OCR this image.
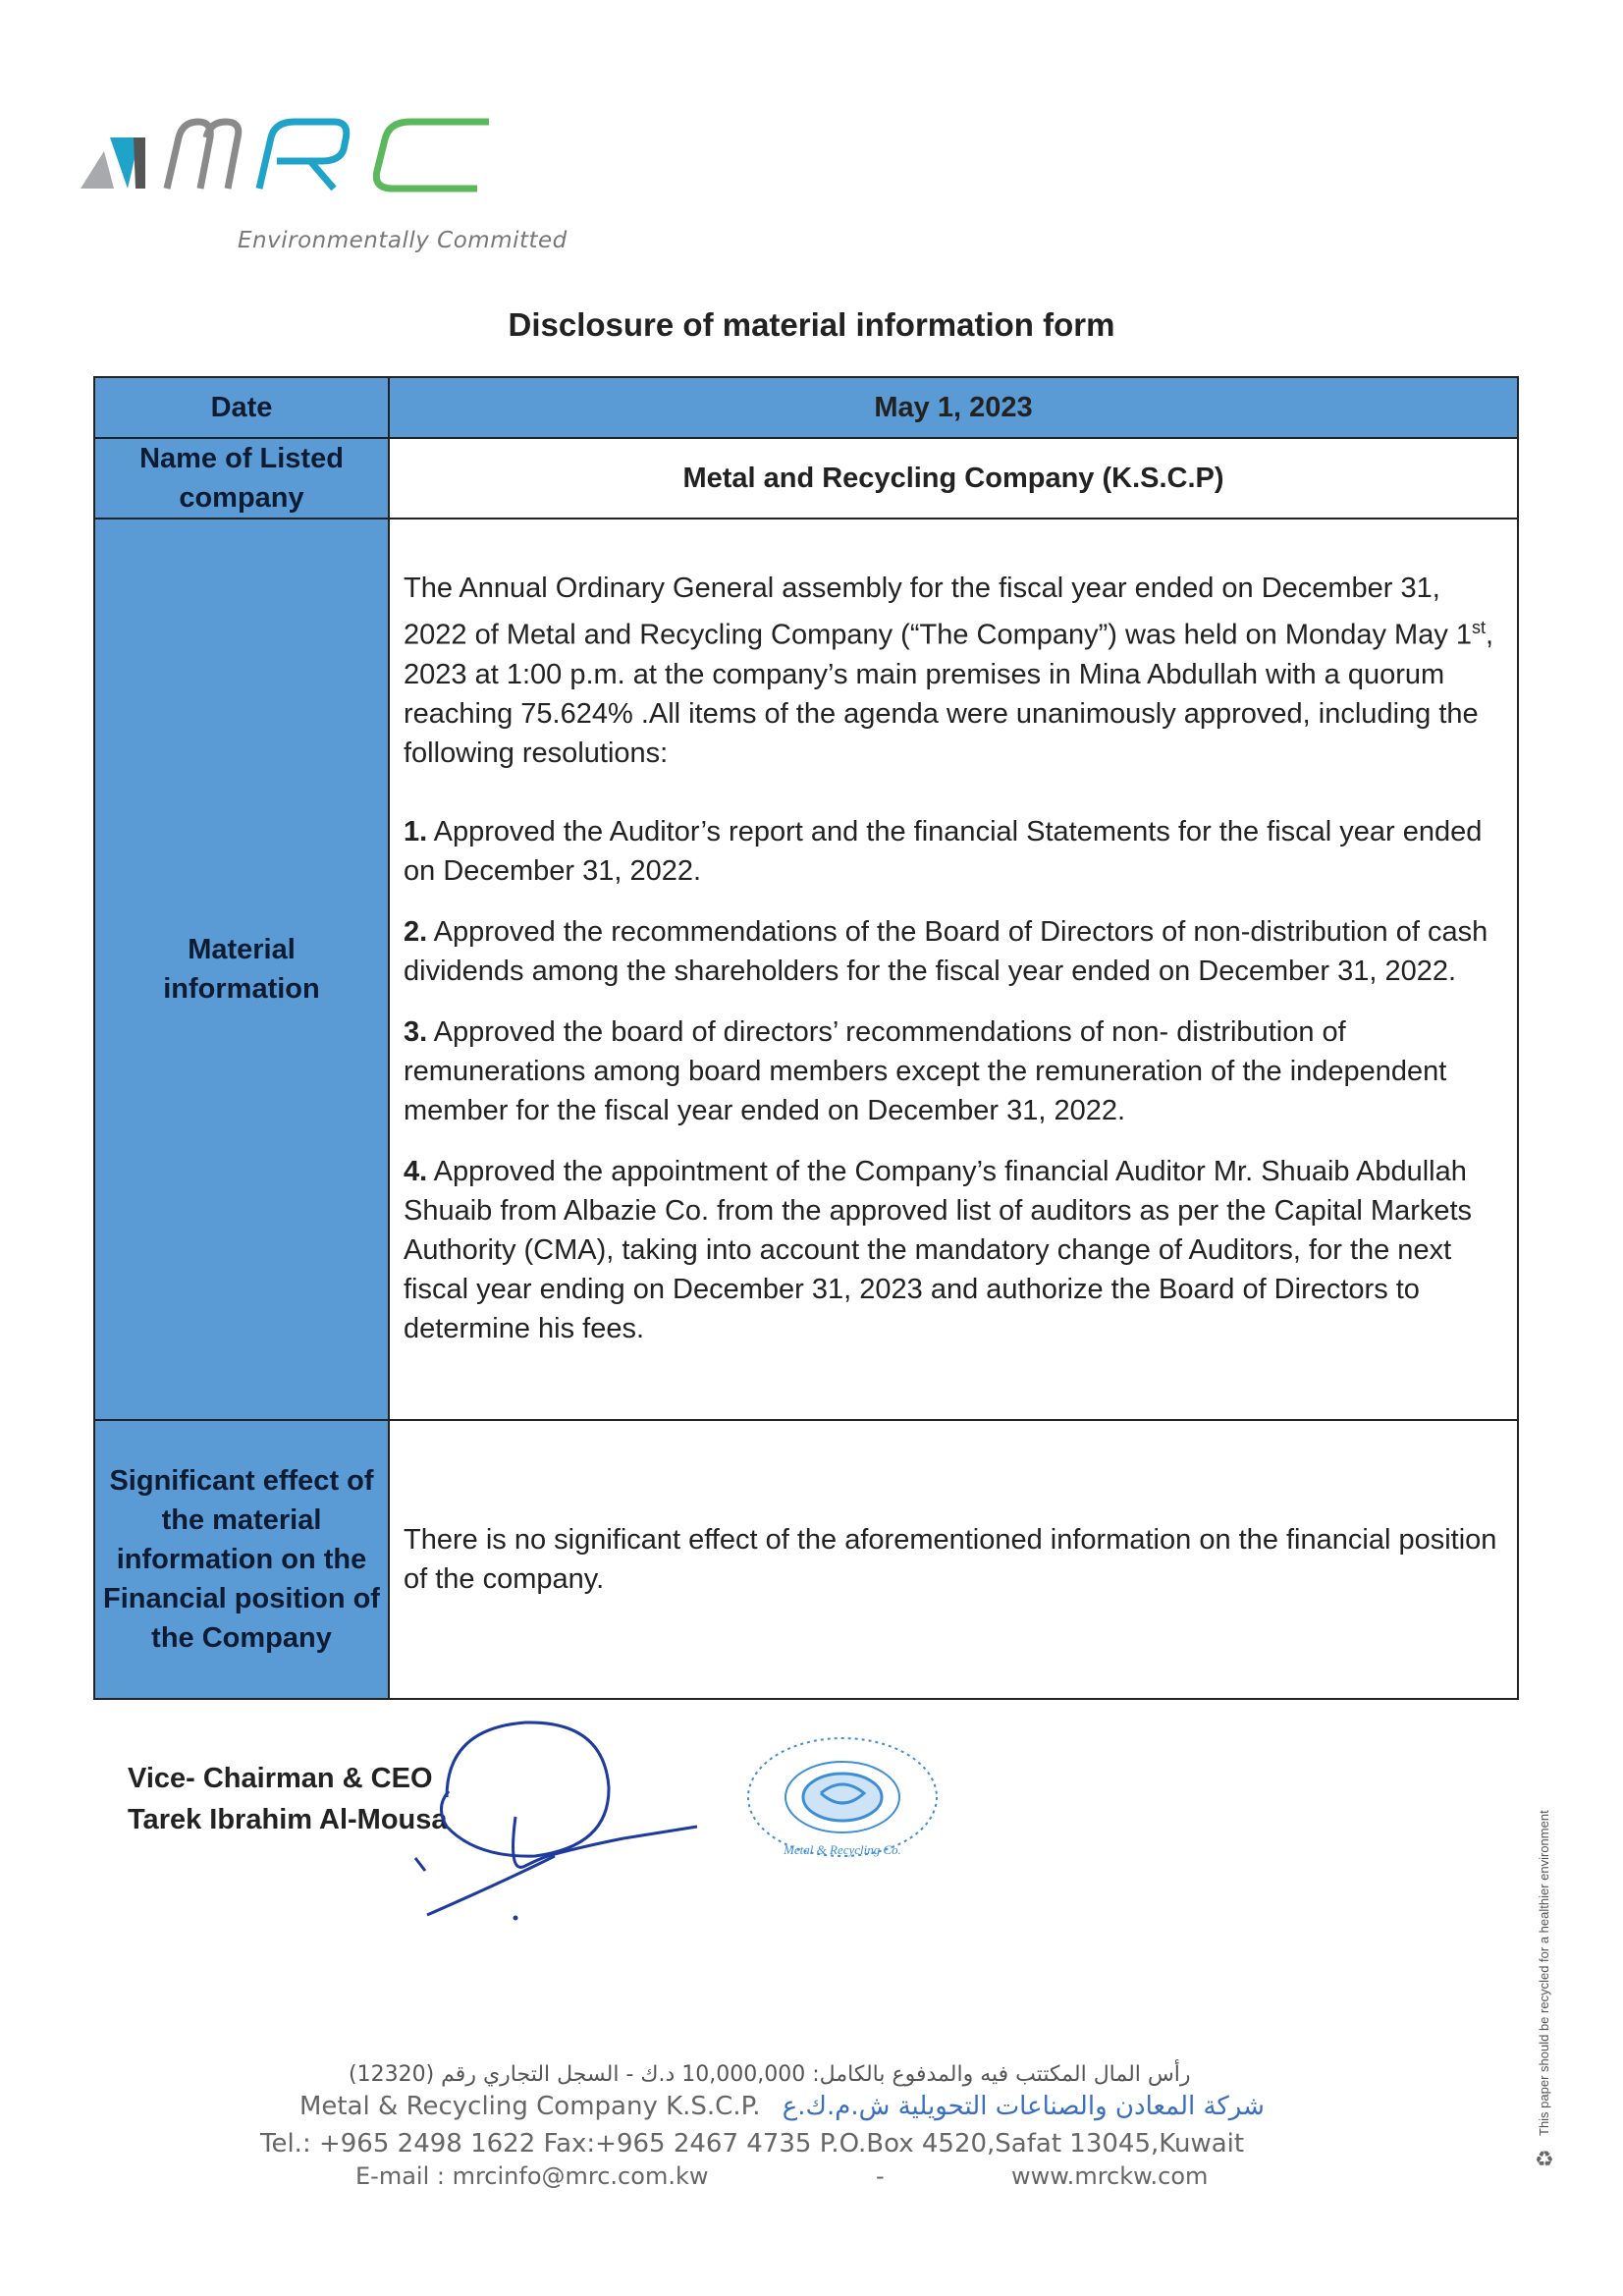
Environmentally Committed
Disclosure of material information form
Date	May 1, 2023
Name of Listed company	Metal and Recycling Company (K.S.C.P)
Material information	The Annual Ordinary General assembly for the fiscal year ended on December 31, 2022 of Metal and Recycling Company (“The Company”) was held on Monday May 1st, 2023 at 1:00 p.m. at the company’s main premises in Mina Abdullah with a quorum reaching 75.624% .All items of the agenda were unanimously approved, including the following resolutions:

1. Approved the Auditor’s report and the financial Statements for the fiscal year ended on December 31, 2022.

2. Approved the recommendations of the Board of Directors of non-distribution of cash dividends among the shareholders for the fiscal year ended on December 31, 2022.

3. Approved the board of directors’ recommendations of non- distribution of remunerations among board members except the remuneration of the independent member for the fiscal year ended on December 31, 2022.

4. Approved the appointment of the Company’s financial Auditor Mr. Shuaib Abdullah Shuaib from Albazie Co. from the approved list of auditors as per the Capital Markets Authority (CMA), taking into account the mandatory change of Auditors, for the next fiscal year ending on December 31, 2023 and authorize the Board of Directors to determine his fees.

Significant effect of the material information on the Financial position of the Company	There is no significant effect of the aforementioned information on the financial position of the company.
Vice- Chairman & CEO
Tarek Ibrahim Al-Mousa
Metal & Recycling Co.
رأس المال المكتتب فيه والمدفوع بالكامل: 10,000,000 د.ك - السجل التجاري رقم (12320)
Metal & Recycling Company K.S.C.P. شركة المعادن والصناعات التحويلية ش.م.ك.ع
Tel.: +965 2498 1622 Fax:+965 2467 4735 P.O.Box 4520,Safat 13045,Kuwait
E-mail : mrcinfo@mrc.com.kw	-	www.mrckw.com
This paper should be recycled for a healthier environment
♻
